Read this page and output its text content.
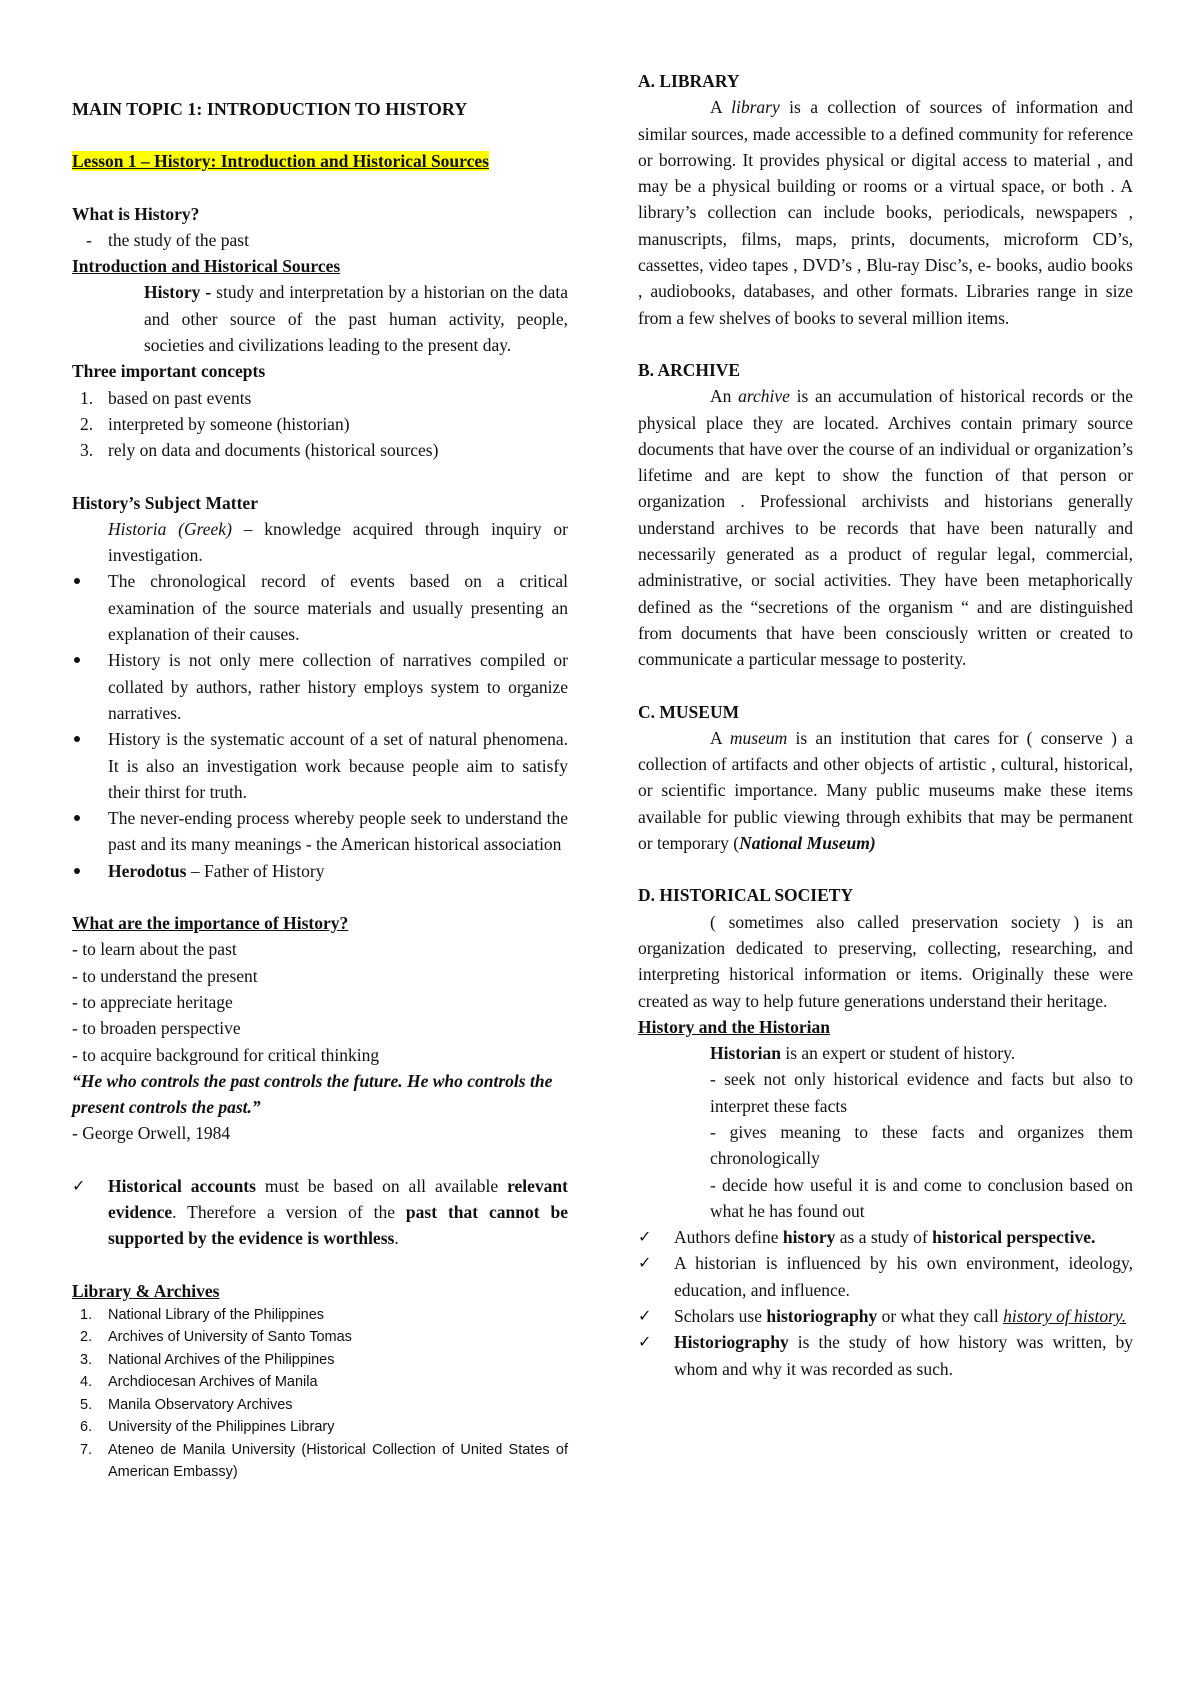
MAIN TOPIC 1: INTRODUCTION TO HISTORY

Lesson 1 – History: Introduction and Historical Sources

What is History?

- the study of the past

Introduction and Historical Sources

History - study and interpretation by a historian on the data and other source of the past human activity, people, societies and civilizations leading to the present day.

Three important concepts

1. based on past events
2. interpreted by someone (historian)
3. rely on data and documents (historical sources)

History’s Subject Matter

Historia (Greek) – knowledge acquired through inquiry or investigation.

The chronological record of events based on a critical examination of the source materials and usually presenting an explanation of their causes.
History is not only mere collection of narratives compiled or collated by authors, rather history employs system to organize narratives.
History is the systematic account of a set of natural phenomena. It is also an investigation work because people aim to satisfy their thirst for truth.
The never-ending process whereby people seek to understand the past and its many meanings - the American historical association
Herodotus – Father of History

What are the importance of History?

- to learn about the past

- to understand the present

- to appreciate heritage

- to broaden perspective

- to acquire background for critical thinking

“He who controls the past controls the future. He who controls the present controls the past.”

- George Orwell, 1984

✓	Historical accounts must be based on all available relevant evidence. Therefore a version of the past that cannot be supported by the evidence is worthless.

Library & Archives

1.	National Library of the Philippines
2.	Archives of University of Santo Tomas
3.	National Archives of the Philippines
4.	Archdiocesan Archives of Manila
5.	Manila Observatory Archives
6.	University of the Philippines Library
7.	Ateneo de Manila University (Historical Collection of United States of American Embassy)

A. LIBRARY

A library is a collection of sources of information and similar sources, made accessible to a defined community for reference or borrowing. It provides physical or digital access to material , and may be a physical building or rooms or a virtual space, or both . A library’s collection can include books, periodicals, newspapers , manuscripts, films, maps, prints, documents, microform CD’s, cassettes, video tapes , DVD’s , Blu-ray Disc’s, e- books, audio books , audiobooks, databases, and other formats. Libraries range in size from a few shelves of books to several million items.

B. ARCHIVE

An archive is an accumulation of historical records or the physical place they are located. Archives contain primary source documents that have over the course of an individual or organization’s lifetime and are kept to show the function of that person or organization . Professional archivists and historians generally understand archives to be records that have been naturally and necessarily generated as a product of regular legal, commercial, administrative, or social activities. They have been metaphorically defined as the “secretions of the organism “ and are distinguished from documents that have been consciously written or created to communicate a particular message to posterity.

C. MUSEUM

A museum is an institution that cares for ( conserve ) a collection of artifacts and other objects of artistic , cultural, historical, or scientific importance. Many public museums make these items available for public viewing through exhibits that may be permanent or temporary (National Museum)

D. HISTORICAL SOCIETY

( sometimes also called preservation society ) is an organization dedicated to preserving, collecting, researching, and interpreting historical information or items. Originally these were created as way to help future generations understand their heritage.

History and the Historian

Historian is an expert or student of history.

- seek not only historical evidence and facts but also to interpret these facts

- gives meaning to these facts and organizes them chronologically

- decide how useful it is and come to conclusion based on what he has found out

✓	Authors define history as a study of historical perspective.
✓	A historian is influenced by his own environment, ideology, education, and influence.
✓	Scholars use historiography or what they call history of history.
✓	Historiography is the study of how history was written, by whom and why it was recorded as such.
